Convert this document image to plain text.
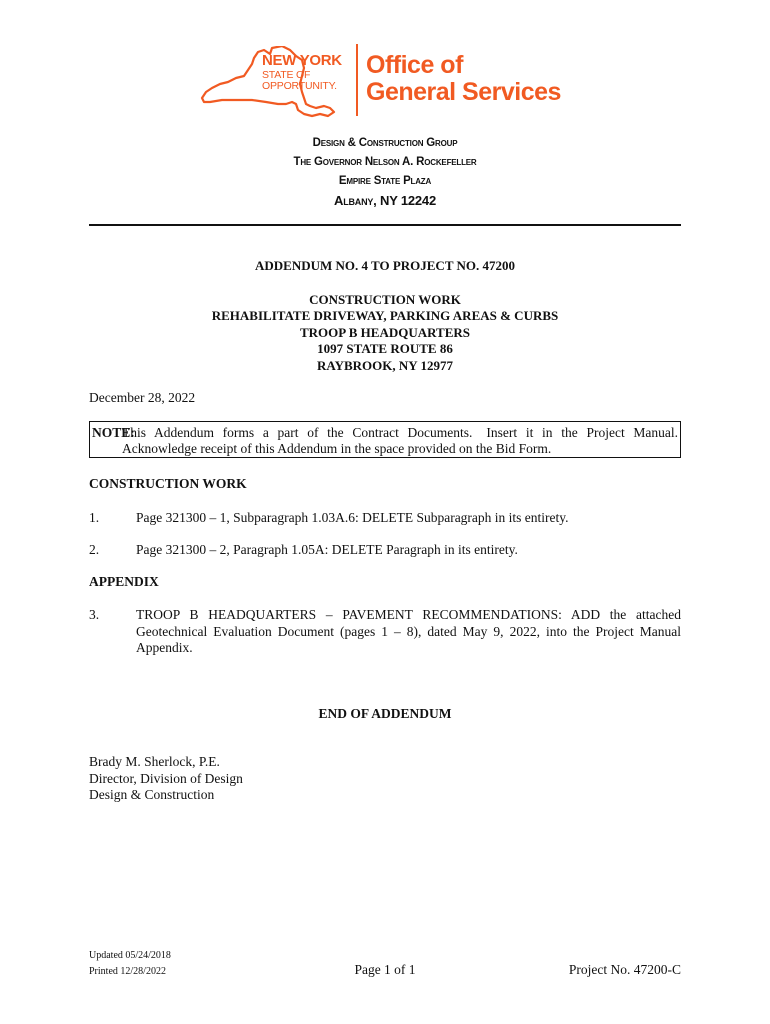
NEW YORK
STATE OF
OPPORTUNITY.
Office of
General Services
Design & Construction Group
The Governor Nelson A. Rockefeller
Empire State Plaza
Albany, NY 12242
ADDENDUM NO. 4 TO PROJECT NO. 47200
CONSTRUCTION WORK
REHABILITATE DRIVEWAY, PARKING AREAS & CURBS
TROOP B HEADQUARTERS
1097 STATE ROUTE 86
RAYBROOK, NY 12977
December 28, 2022
NOTE:
This Addendum forms a part of the Contract Documents. Insert it in the Project Manual.
Acknowledge receipt of this Addendum in the space provided on the Bid Form.
CONSTRUCTION WORK
1.	Page 321300 – 1, Subparagraph 1.03A.6: DELETE Subparagraph in its entirety.
2.	Page 321300 – 2, Paragraph 1.05A: DELETE Paragraph in its entirety.
APPENDIX
3.	TROOP B HEADQUARTERS – PAVEMENT RECOMMENDATIONS: ADD the attached
Geotechnical Evaluation Document (pages 1 – 8), dated May 9, 2022, into the Project Manual
Appendix.
END OF ADDENDUM
Brady M. Sherlock, P.E.
Director, Division of Design
Design & Construction
Updated 05/24/2018
Printed 12/28/2022	Page 1 of 1	Project No. 47200-C
